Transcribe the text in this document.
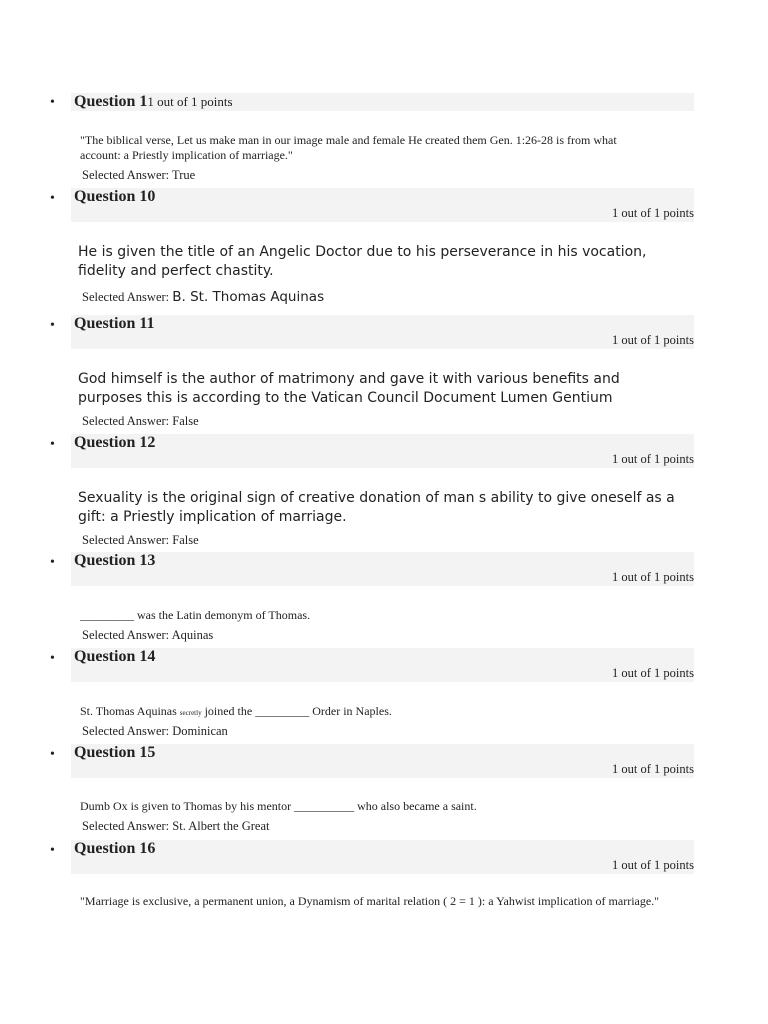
• Question 11 out of 1 points
"The biblical verse, Let us make man in our image male and female He created them Gen. 1:26-28 is from what account: a Priestly implication of marriage."
Selected Answer: True
• Question 10
1 out of 1 points
He is given the title of an Angelic Doctor due to his perseverance in his vocation, fidelity and perfect chastity.
Selected Answer: B. St. Thomas Aquinas
• Question 11
1 out of 1 points
God himself is the author of matrimony and gave it with various benefits and purposes this is according to the Vatican Council Document Lumen Gentium
Selected Answer: False
• Question 12
1 out of 1 points
Sexuality is the original sign of creative donation of man s ability to give oneself as a gift: a Priestly implication of marriage.
Selected Answer: False
• Question 13
1 out of 1 points
_________ was the Latin demonym of Thomas.
Selected Answer: Aquinas
• Question 14
1 out of 1 points
St. Thomas Aquinas secretly joined the _________ Order in Naples.
Selected Answer: Dominican
• Question 15
1 out of 1 points
Dumb Ox is given to Thomas by his mentor __________ who also became a saint.
Selected Answer: St. Albert the Great
• Question 16
1 out of 1 points
"Marriage is exclusive, a permanent union, a Dynamism of marital relation ( 2 = 1 ): a Yahwist implication of marriage."
